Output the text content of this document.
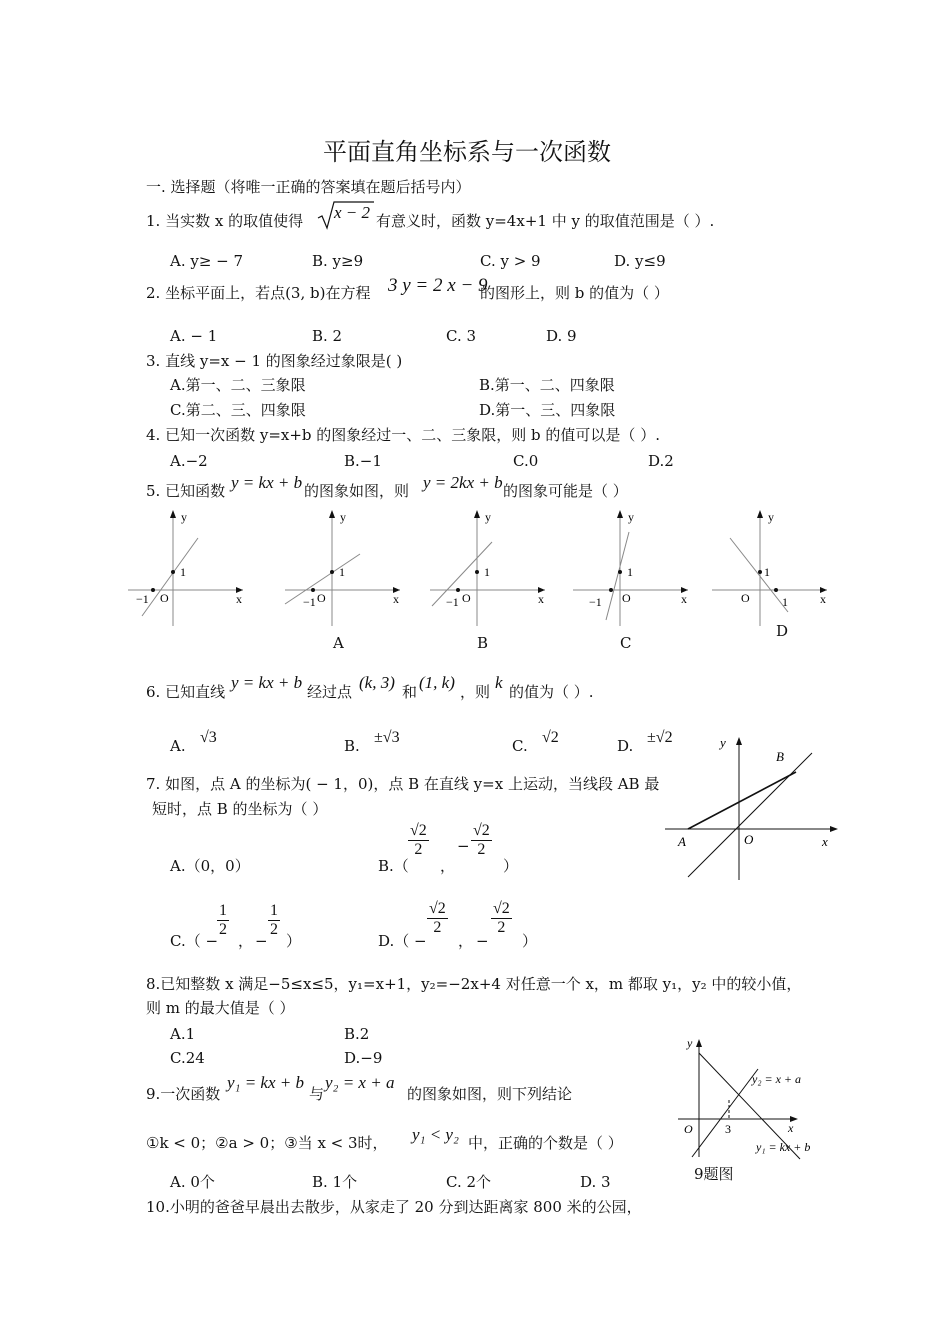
平面直角坐标系与一次函数
一. 选择题（将唯一正确的答案填在题后括号内）
1. 当实数 x 的取值使得 x − 2 有意义时，函数 y=4x+1 中 y 的取值范围是（ ）.
A. y≥ − 7	B. y≥9	C. y > 9	D. y≤9
2. 坐标平面上，若点(3, b)在方程 3 y = 2 x − 9
的图形上，则 b 的值为（ ）
A. − 1	B. 2	C. 3	D. 9
3. 直线 y=x − 1 的图象经过象限是( )
A.第一、二、三象限	B.第一、二、四象限
C.第二、三、四象限	D.第一、三、四象限
4. 已知一次函数 y=x+b 的图象经过一、二、三象限，则 b 的值可以是（ ）.
A.−2	B.−1	C.0	D.2
5. 已知函数 y = kx + b 的图象如图，则 y = 2kx + b 的图象可能是（ ）
1
y
x
O
−1
1
y
x
O
−1
A
1
y
x
O
−1
B
1
y
x
O
−1
C
1
y
x
O	1
D
6. 已知直线 y = kx + b 经过点 (k, 3) 和 (1, k) ，则 k 的值为（ ）.
A. √3	B. ±√3	C. √2	D. ±√2	y
x
A
B
O
7. 如图，点 A 的坐标为( − 1，0)，点 B 在直线 y=x 上运动，当线段 AB 最
短时，点 B 的坐标为（ ）
A.（0，0）	B.（
$\frac{√2}{2}$
，
− $\frac{√2}{2}$
）
C.（ −
$\frac{1}{2}$
， −
$\frac{1}{2}$
）	D.（ −
$\frac{√2}{2}$
， −
$\frac{√2}{2}$
）
8.已知整数 x 满足−5≤x≤5，y₁=x+1，y₂=−2x+4 对任意一个 x，m 都取 y₁，y₂ 中的较小值，
则 m 的最大值是（ ）
A.1	B.2
C.24	D.−9
y
x
O	3
y₂ = x + a
y₁ = kx + b
9题图
9.一次函数
y₁ = kx + b
与
y₂ = x + a
的图象如图，则下列结论
①k < 0；②a > 0；③当 x < 3时， y₁ < y₂ 中，正确的个数是（ ）
A. 0个	B. 1个	C. 2个	D. 3
10.小明的爸爸早晨出去散步，从家走了 20 分到达距离家 800 米的公园，
